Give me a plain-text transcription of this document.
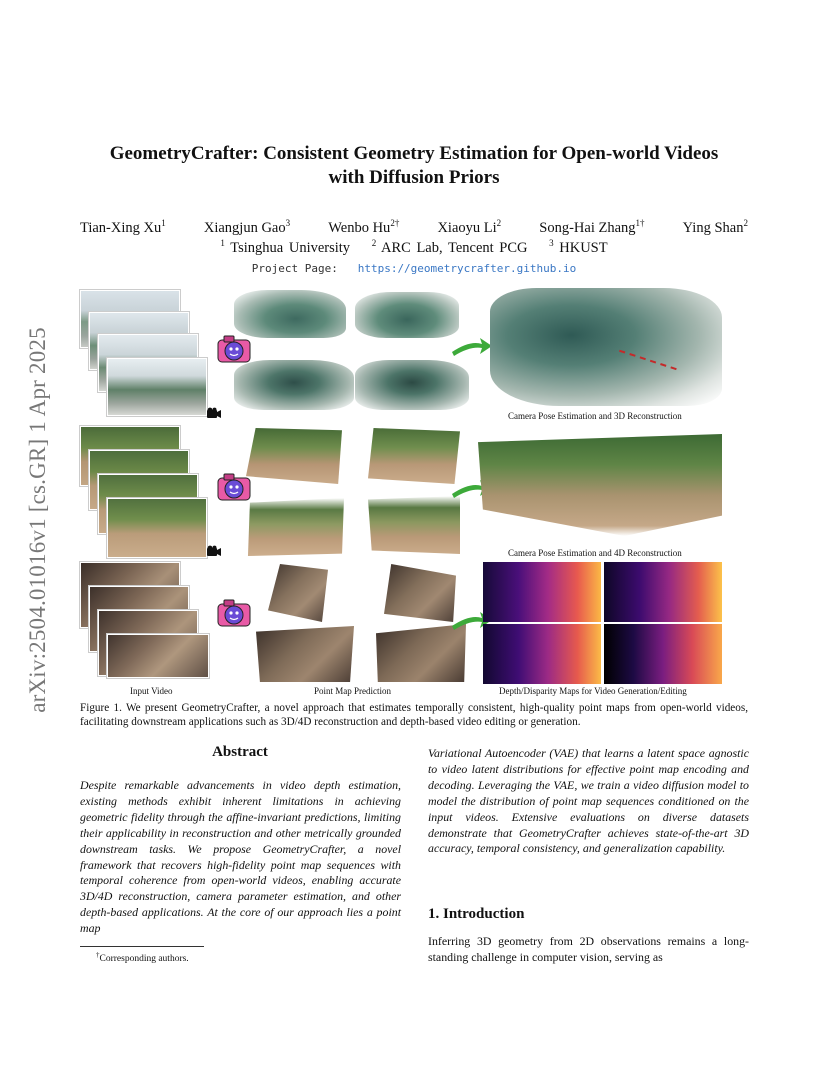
arXiv:2504.01016v1 [cs.GR] 1 Apr 2025
GeometryCrafter: Consistent Geometry Estimation for Open-world Videos
with Diffusion Priors
Tian-Xing Xu$^1$	Xiangjun Gao$^3$	Wenbo $Hu^{2\dagger}$	Xiaoyu Li$^2$	Song-Hai Zhang$^{1\dagger}$	Ying Shan$^2$
$^1$ Tsinghua University $^2$ ARC Lab, Tencent PCG $^3$ HKUST
Project Page: https://geometrycrafter.github.io
Camera Pose Estimation and 3D Reconstruction
Camera Pose Estimation and 4D Reconstruction
Input Video	Point Map Prediction	Depth/Disparity Maps for Video Generation/Editing
Figure 1. We present GeometryCrafter, a novel approach that estimates temporally consistent, high-quality point maps from open-world videos, facilitating downstream applications such as 3D/4D reconstruction and depth-based video editing or generation.
Abstract
Despite remarkable advancements in video depth estimation, existing methods exhibit inherent limitations in achieving geometric fidelity through the affine-invariant predictions, limiting their applicability in reconstruction and other metrically grounded downstream tasks. We propose GeometryCrafter, a novel framework that recovers high-fidelity point map sequences with temporal coherence from open-world videos, enabling accurate 3D/4D reconstruction, camera parameter estimation, and other depth-based applications. At the core of our approach lies a point map
Variational Autoencoder (VAE) that learns a latent space agnostic to video latent distributions for effective point map encoding and decoding. Leveraging the VAE, we train a video diffusion model to model the distribution of point map sequences conditioned on the input videos. Extensive evaluations on diverse datasets demonstrate that GeometryCrafter achieves state-of-the-art 3D accuracy, temporal consistency, and generalization capability.
1. Introduction
Inferring 3D geometry from 2D observations remains a long-standing challenge in computer vision, serving as
†Corresponding authors.
